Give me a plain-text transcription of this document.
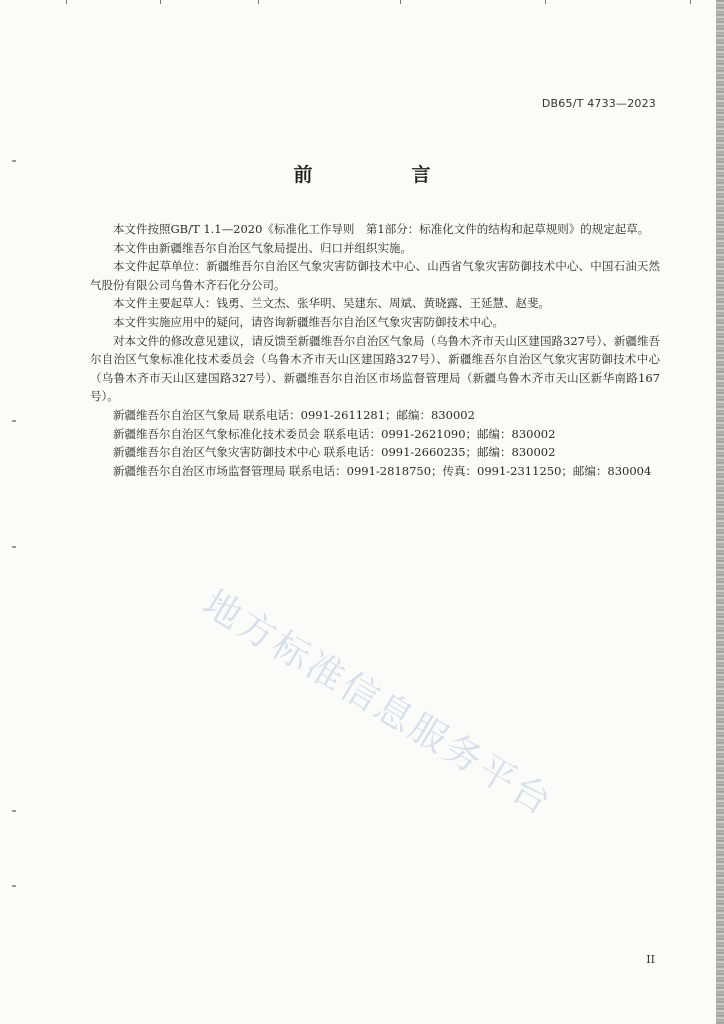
DB65/T 4733—2023
前　言

本文件按照GB/T 1.1—2020《标准化工作导则　第1部分：标准化文件的结构和起草规则》的规定起草。

本文件由新疆维吾尔自治区气象局提出、归口并组织实施。

本文件起草单位：新疆维吾尔自治区气象灾害防御技术中心、山西省气象灾害防御技术中心、中国石油天然气股份有限公司乌鲁木齐石化分公司。

本文件主要起草人：钱勇、兰文杰、张华明、吴建东、周斌、黄晓露、王延慧、赵斐。

本文件实施应用中的疑问，请咨询新疆维吾尔自治区气象灾害防御技术中心。

对本文件的修改意见建议，请反馈至新疆维吾尔自治区气象局（乌鲁木齐市天山区建国路327号）、新疆维吾尔自治区气象标准化技术委员会（乌鲁木齐市天山区建国路327号）、新疆维吾尔自治区气象灾害防御技术中心（乌鲁木齐市天山区建国路327号）、新疆维吾尔自治区市场监督管理局（新疆乌鲁木齐市天山区新华南路167号）。

新疆维吾尔自治区气象局 联系电话：0991-2611281；邮编：830002

新疆维吾尔自治区气象标准化技术委员会 联系电话：0991-2621090；邮编：830002

新疆维吾尔自治区气象灾害防御技术中心 联系电话：0991-2660235；邮编：830002

新疆维吾尔自治区市场监督管理局 联系电话：0991-2818750；传真：0991-2311250；邮编：830004

地方标准信息服务平台
II
